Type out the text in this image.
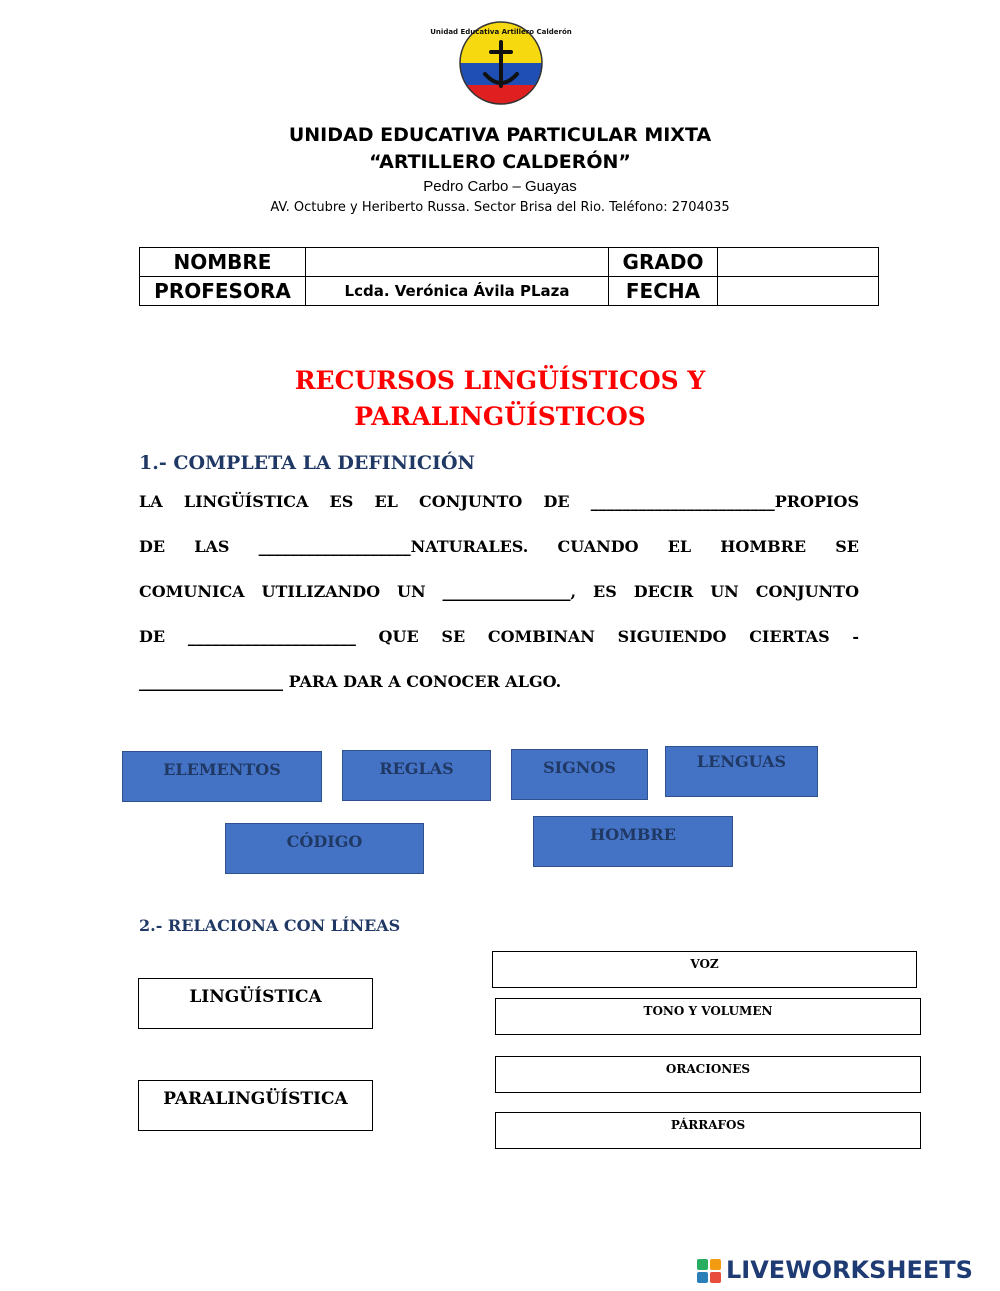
Unidad Educativa Artillero Calderón
UNIDAD EDUCATIVA PARTICULAR MIXTA
“ARTILLERO CALDERÓN”
Pedro Carbo – Guayas
AV. Octubre y Heriberto Russa. Sector Brisa del Rio. Teléfono: 2704035
NOMBRE		GRADO	
PROFESORA	Lcda. Verónica Ávila PLaza	FECHA	
RECURSOS LINGÜÍSTICOS Y
PARALINGÜÍSTICOS
1.- COMPLETA LA DEFINICIÓN
LA LINGÜÍSTICA ES EL CONJUNTO DE _______________________PROPIOS
DE LAS ___________________NATURALES. CUANDO EL HOMBRE SE
COMUNICA UTILIZANDO UN ________________, ES DECIR UN CONJUNTO
DE _____________________ QUE SE COMBINAN SIGUIENDO CIERTAS -
__________________ PARA DAR A CONOCER ALGO.
ELEMENTOS	REGLAS	SIGNOS	LENGUAS
CÓDIGO	HOMBRE
2.- RELACIONA CON LÍNEAS
LINGÜÍSTICA
PARALINGÜÍSTICA
VOZ
TONO Y VOLUMEN
ORACIONES
PÁRRAFOS
LIVEWORKSHEETS
